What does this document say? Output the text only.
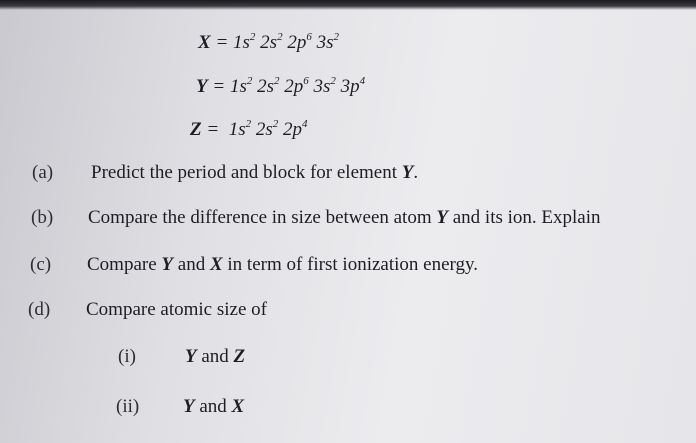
$X = 1s^2$ $2s^2$ $2p^6$ $3s^2$
$Y = 1s^2$ $2s^2$ $2p^6$ $3s^2$ $3p^4$
$Z = 1s^2$ $2s^2$ $2p^4$
(a) Predict the period and block for element Y.
(b) Compare the difference in size between atom Y and its ion. Explain
(c) Compare Y and X in term of first ionization energy.
(d) Compare atomic size of
(i)	Y and Z
(ii) Y and X
